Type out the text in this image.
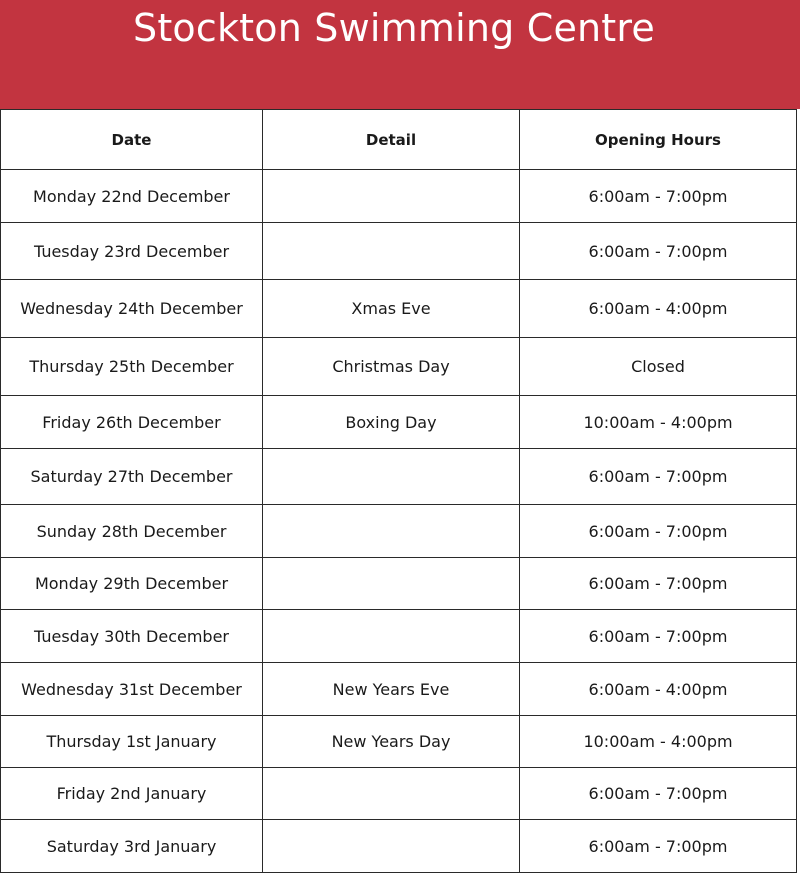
Stockton Swimming Centre
Date	Detail	Opening Hours
Monday 22nd December		6:00am - 7:00pm
Tuesday 23rd December		6:00am - 7:00pm
Wednesday 24th December	Xmas Eve	6:00am - 4:00pm
Thursday 25th December	Christmas Day	Closed
Friday 26th December	Boxing Day	10:00am - 4:00pm
Saturday 27th December		6:00am - 7:00pm
Sunday 28th December		6:00am - 7:00pm
Monday 29th December		6:00am - 7:00pm
Tuesday 30th December		6:00am - 7:00pm
Wednesday 31st December	New Years Eve	6:00am - 4:00pm
Thursday 1st January	New Years Day	10:00am - 4:00pm
Friday 2nd January		6:00am - 7:00pm
Saturday 3rd January		6:00am - 7:00pm
